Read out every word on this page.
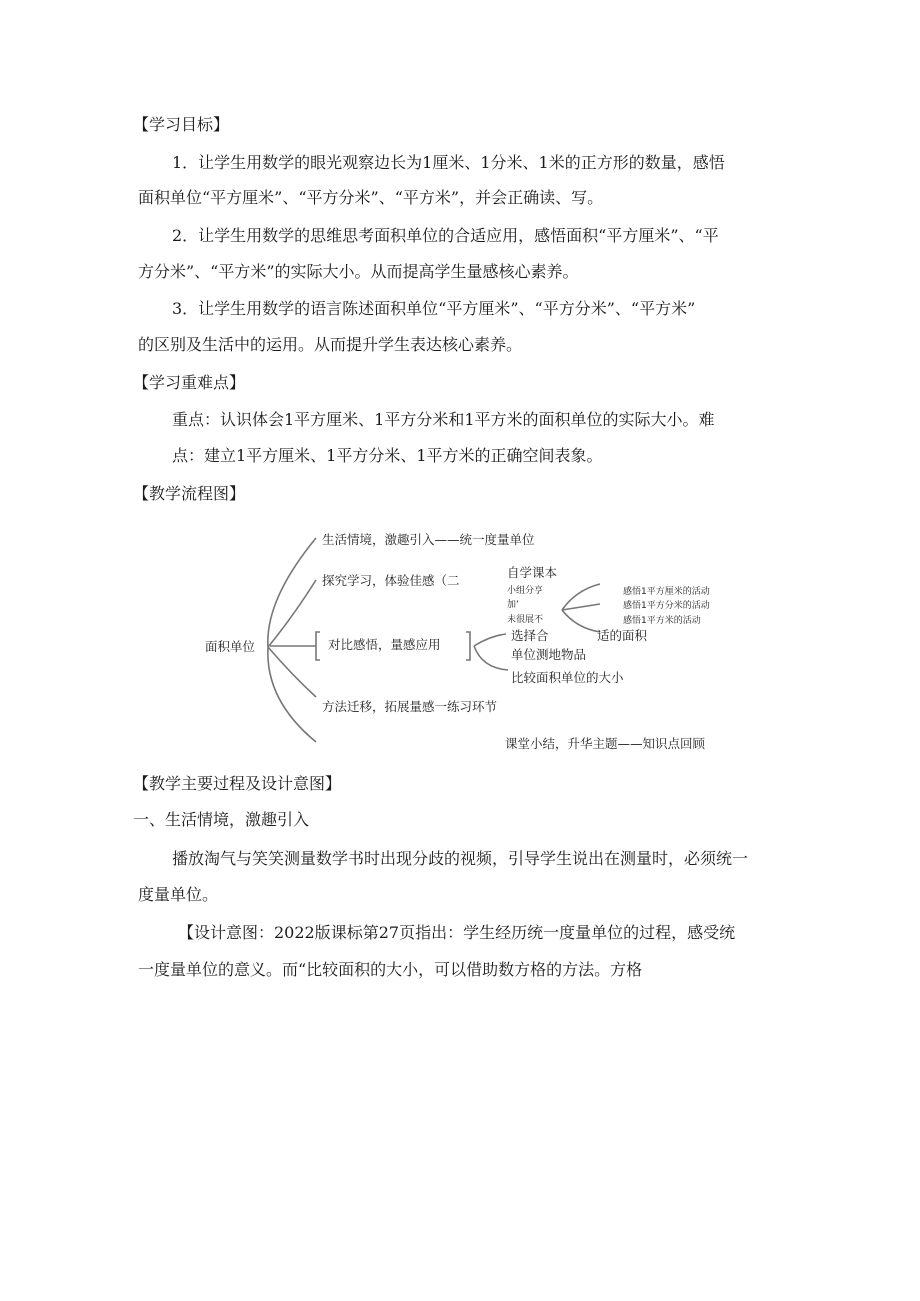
【学习目标】
1．让学生用数学的眼光观察边长为1厘米、1分米、1米的正方形的数量，感悟
面积单位“平方厘米”、“平方分米”、“平方米”，并会正确读、写。
2．让学生用数学的思维思考面积单位的合适应用，感悟面积“平方厘米”、“平
方分米”、“平方米”的实际大小。从而提高学生量感核心素养。
3．让学生用数学的语言陈述面积单位“平方厘米”、“平方分米”、“平方米”
的区别及生活中的运用。从而提升学生表达核心素养。
【学习重难点】
重点：认识体会1平方厘米、1平方分米和1平方米的面积单位的实际大小。难
点：建立1平方厘米、1平方分米、1平方米的正确空间表象。
【教学流程图】
面积单位
生活情境，激趣引入——统一度量单位
探究学习，体验佳感（二
自学课本
小组分亨
加’
未很展不
感悟1平方厘米的活动
感悟1平方分米的活动
感悟1平方米的活动
对比感悟，量感应用
选择合	适的面积
单位测地物品
比较面积单位的大小
方法迁移，拓展量感一练习环节
课堂小结，升华主题——知识点回顾
【教学主要过程及设计意图】
一、生活情境，激趣引入
播放淘气与笑笑测量数学书时出现分歧的视频，引导学生说出在测量时，必须统一
度量单位。
【设计意图：2022版课标第27页指出：学生经历统一度量单位的过程，感受统
一度量单位的意义。而“比较面积的大小，可以借助数方格的方法。方格
